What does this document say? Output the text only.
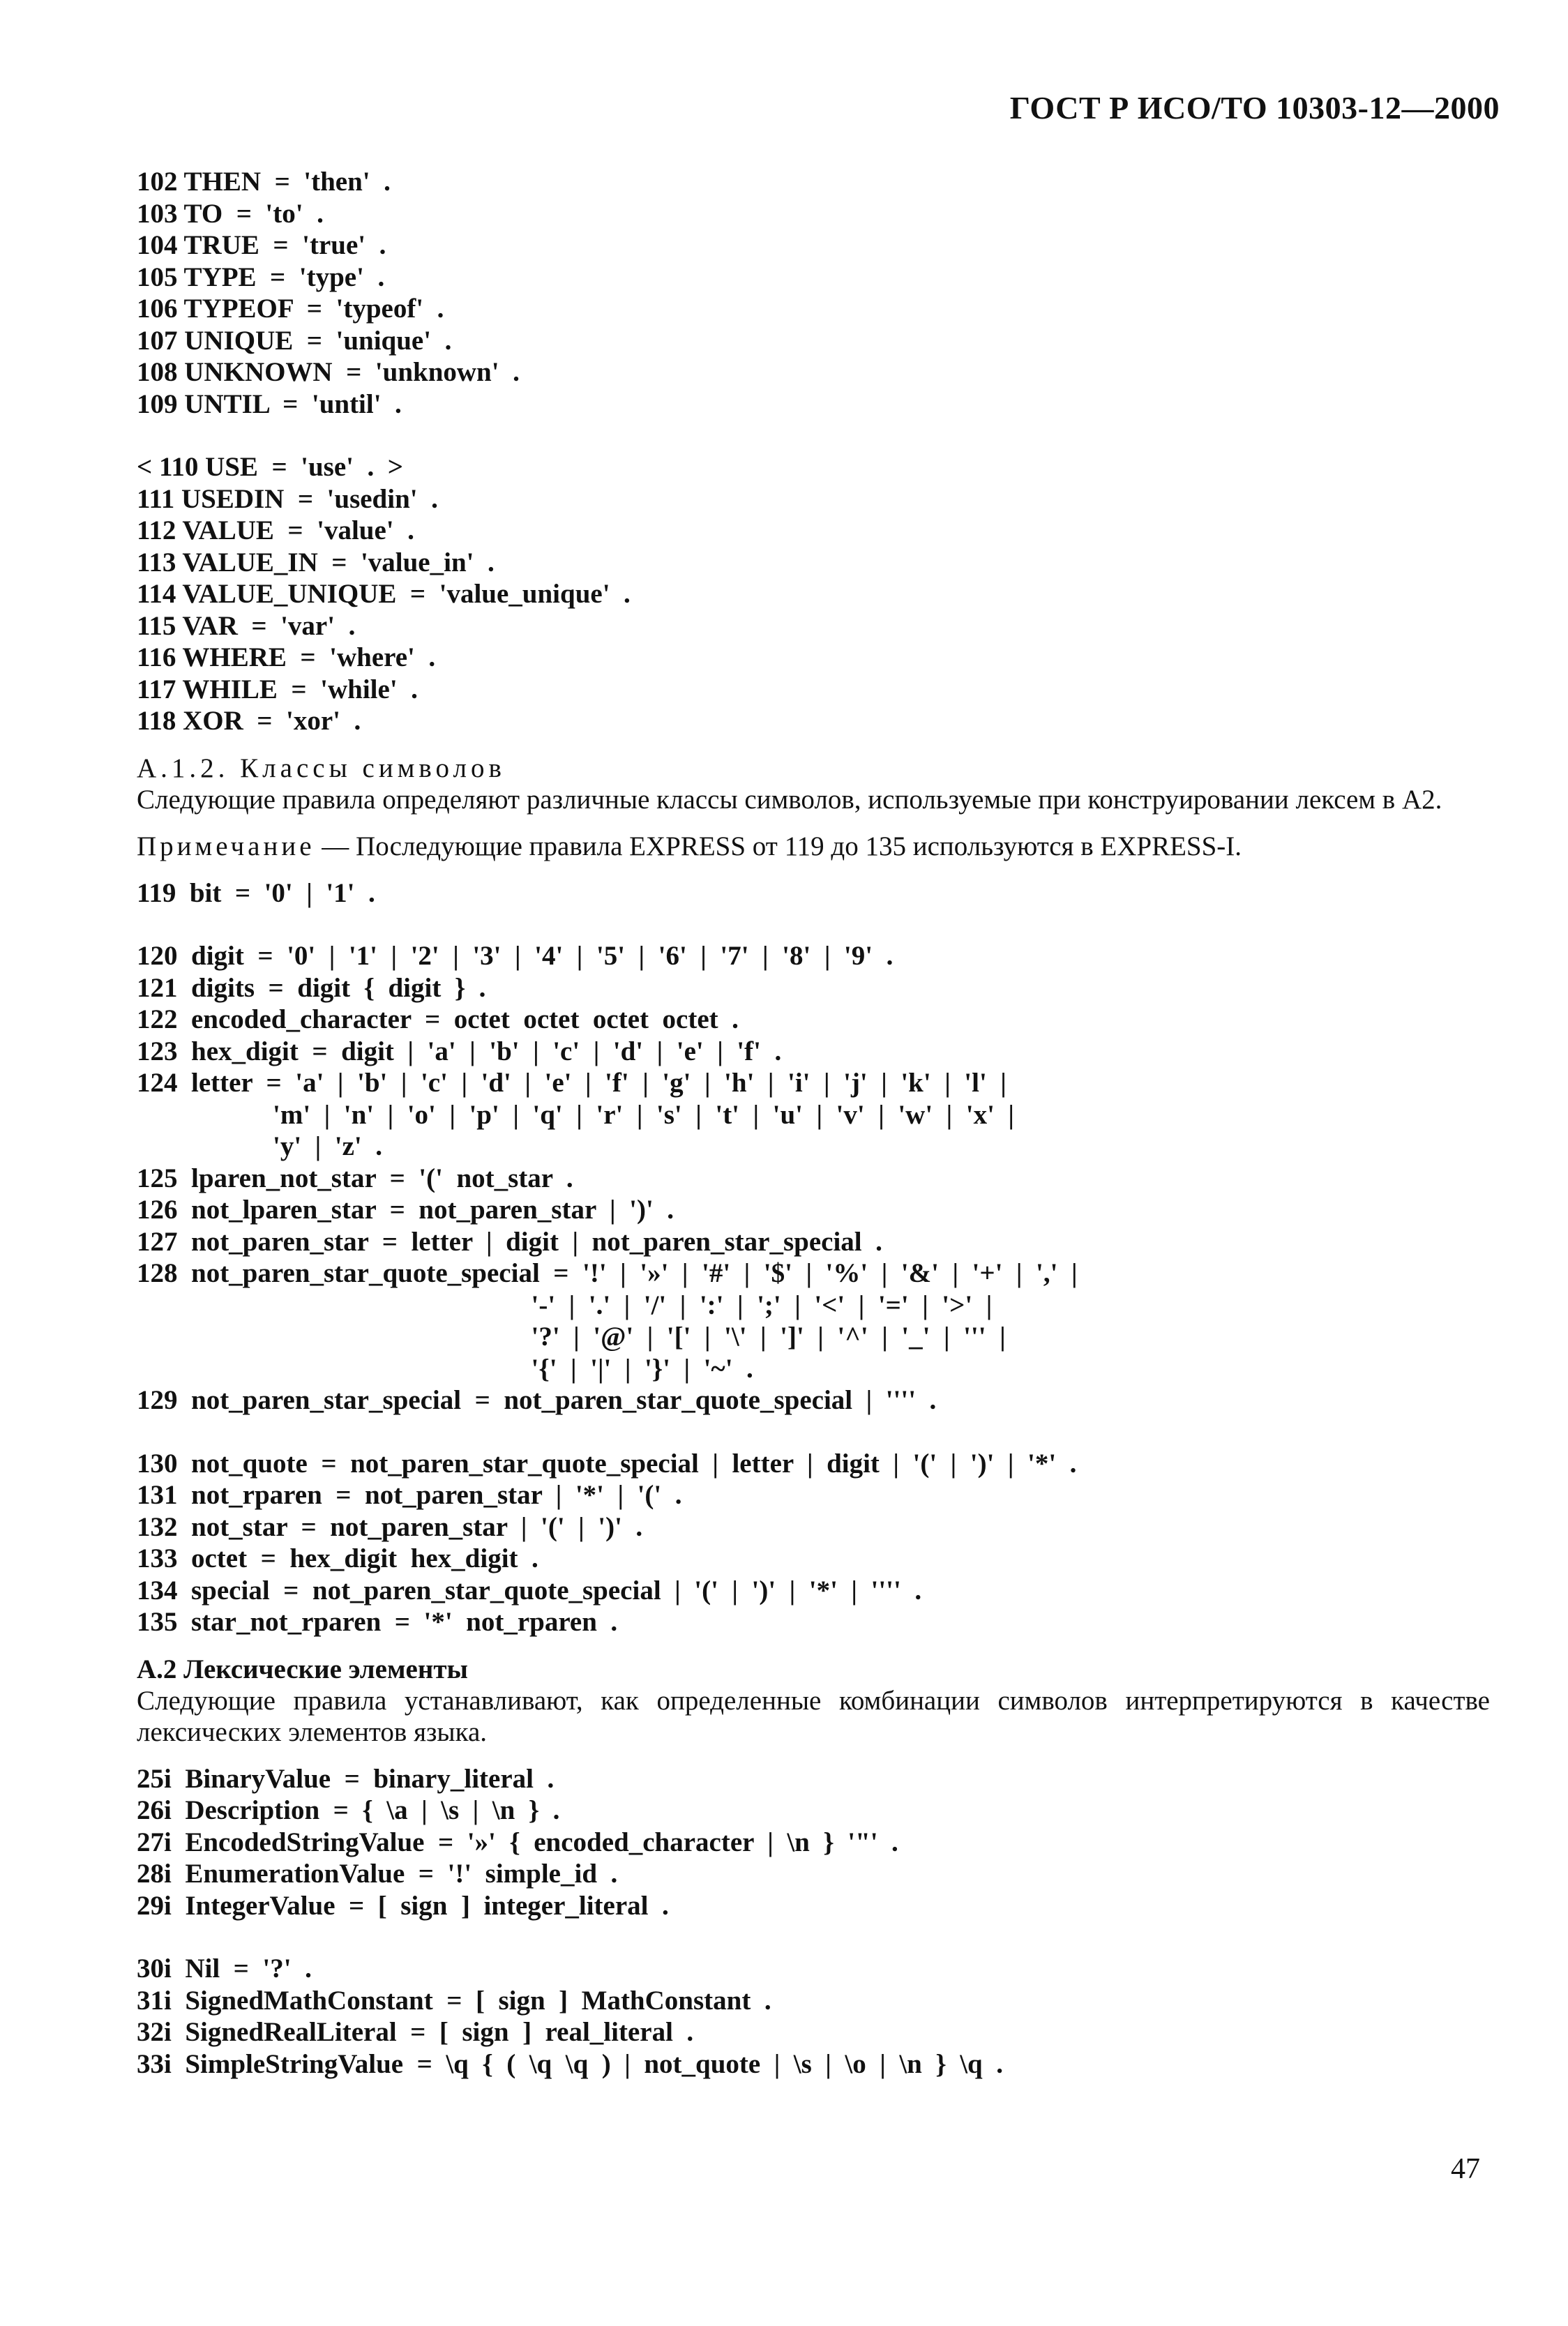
ГОСТ Р ИСО/ТО 10303-12—2000

102 THEN  =  'then'  .

103 TO  =  'to'  .

104 TRUE  =  'true'  .

105 TYPE  =  'type'  .

106 TYPEOF  =  'typeof'  .

107 UNIQUE  =  'unique'  .

108 UNKNOWN  =  'unknown'  .

109 UNTIL  =  'until'  .

< 110 USE  =  'use'  .  >

111 USEDIN  =  'usedin'  .

112 VALUE  =  'value'  .

113 VALUE_IN  =  'value_in'  .

114 VALUE_UNIQUE  =  'value_unique'  .

115 VAR  =  'var'  .

116 WHERE  =  'where'  .

117 WHILE  =  'while'  .

118 XOR  =  'xor'  .

А.1.2. Классы символов

Следующие правила определяют различные классы символов, используемые при конструировании лексем в А2.

Примечание — Последующие правила EXPRESS от 119 до 135 используются в EXPRESS-I.

119  bit  =  '0'  |  '1'  .

120  digit  =  '0'  |  '1'  |  '2'  |  '3'  |  '4'  |  '5'  |  '6'  |  '7'  |  '8'  |  '9'  .

121  digits  =  digit  {  digit  }  .

122  encoded_character  =  octet  octet  octet  octet  .

123  hex_digit  =  digit  |  'a'  |  'b'  |  'c'  |  'd'  |  'e'  |  'f'  .

124  letter  =  'a'  |  'b'  |  'c'  |  'd'  |  'e'  |  'f'  |  'g'  |  'h'  |  'i'  |  'j'  |  'k'  |  'l'  |

'm'  |  'n'  |  'o'  |  'p'  |  'q'  |  'r'  |  's'  |  't'  |  'u'  |  'v'  |  'w'  |  'x'  |

'y'  |  'z'  .

125  lparen_not_star  =  '('  not_star  .

126  not_lparen_star  =  not_paren_star  |  ')'  .

127  not_paren_star  =  letter  |  digit  |  not_paren_star_special  .

128  not_paren_star_quote_special  =  '!'  |  '»'  |  '#'  |  '$'  |  '%'  |  '&'  |  '+'  |  ','  |

'-'  |  '.'  |  '/'  |  ':'  |  ';'  |  '<'  |  '='  |  '>'  |

'?'  |  '@'  |  '['  |  '\'  |  ']'  |  '^'  |  '_'  |  '''  |

'{'  |  '|'  |  '}'  |  '~'  .

129  not_paren_star_special  =  not_paren_star_quote_special  |  ''''  .

130  not_quote  =  not_paren_star_quote_special  |  letter  |  digit  |  '('  |  ')'  |  '*'  .

131  not_rparen  =  not_paren_star  |  '*'  |  '('  .

132  not_star  =  not_paren_star  |  '('  |  ')'  .

133  octet  =  hex_digit  hex_digit  .

134  special  =  not_paren_star_quote_special  |  '('  |  ')'  |  '*'  |  ''''  .

135  star_not_rparen  =  '*'  not_rparen  .

А.2 Лексические элементы

Следующие правила устанавливают, как определенные комбинации символов интерпретируются в качестве лексических элементов языка.

25i  BinaryValue  =  binary_literal  .

26i  Description  =  {  \a  |  \s  |  \n  }  .

27i  EncodedStringValue  =  '»'  {  encoded_character  |  \n  }  '"'  .

28i  EnumerationValue  =  '!'  simple_id  .

29i  IntegerValue  =  [  sign  ]  integer_literal  .

30i  Nil  =  '?'  .

31i  SignedMathConstant  =  [  sign  ]  MathConstant  .

32i  SignedRealLiteral  =  [  sign  ]  real_literal  .

33i  SimpleStringValue  =  \q  {  (  \q  \q  )  |  not_quote  |  \s  |  \o  |  \n  }  \q  .

47
